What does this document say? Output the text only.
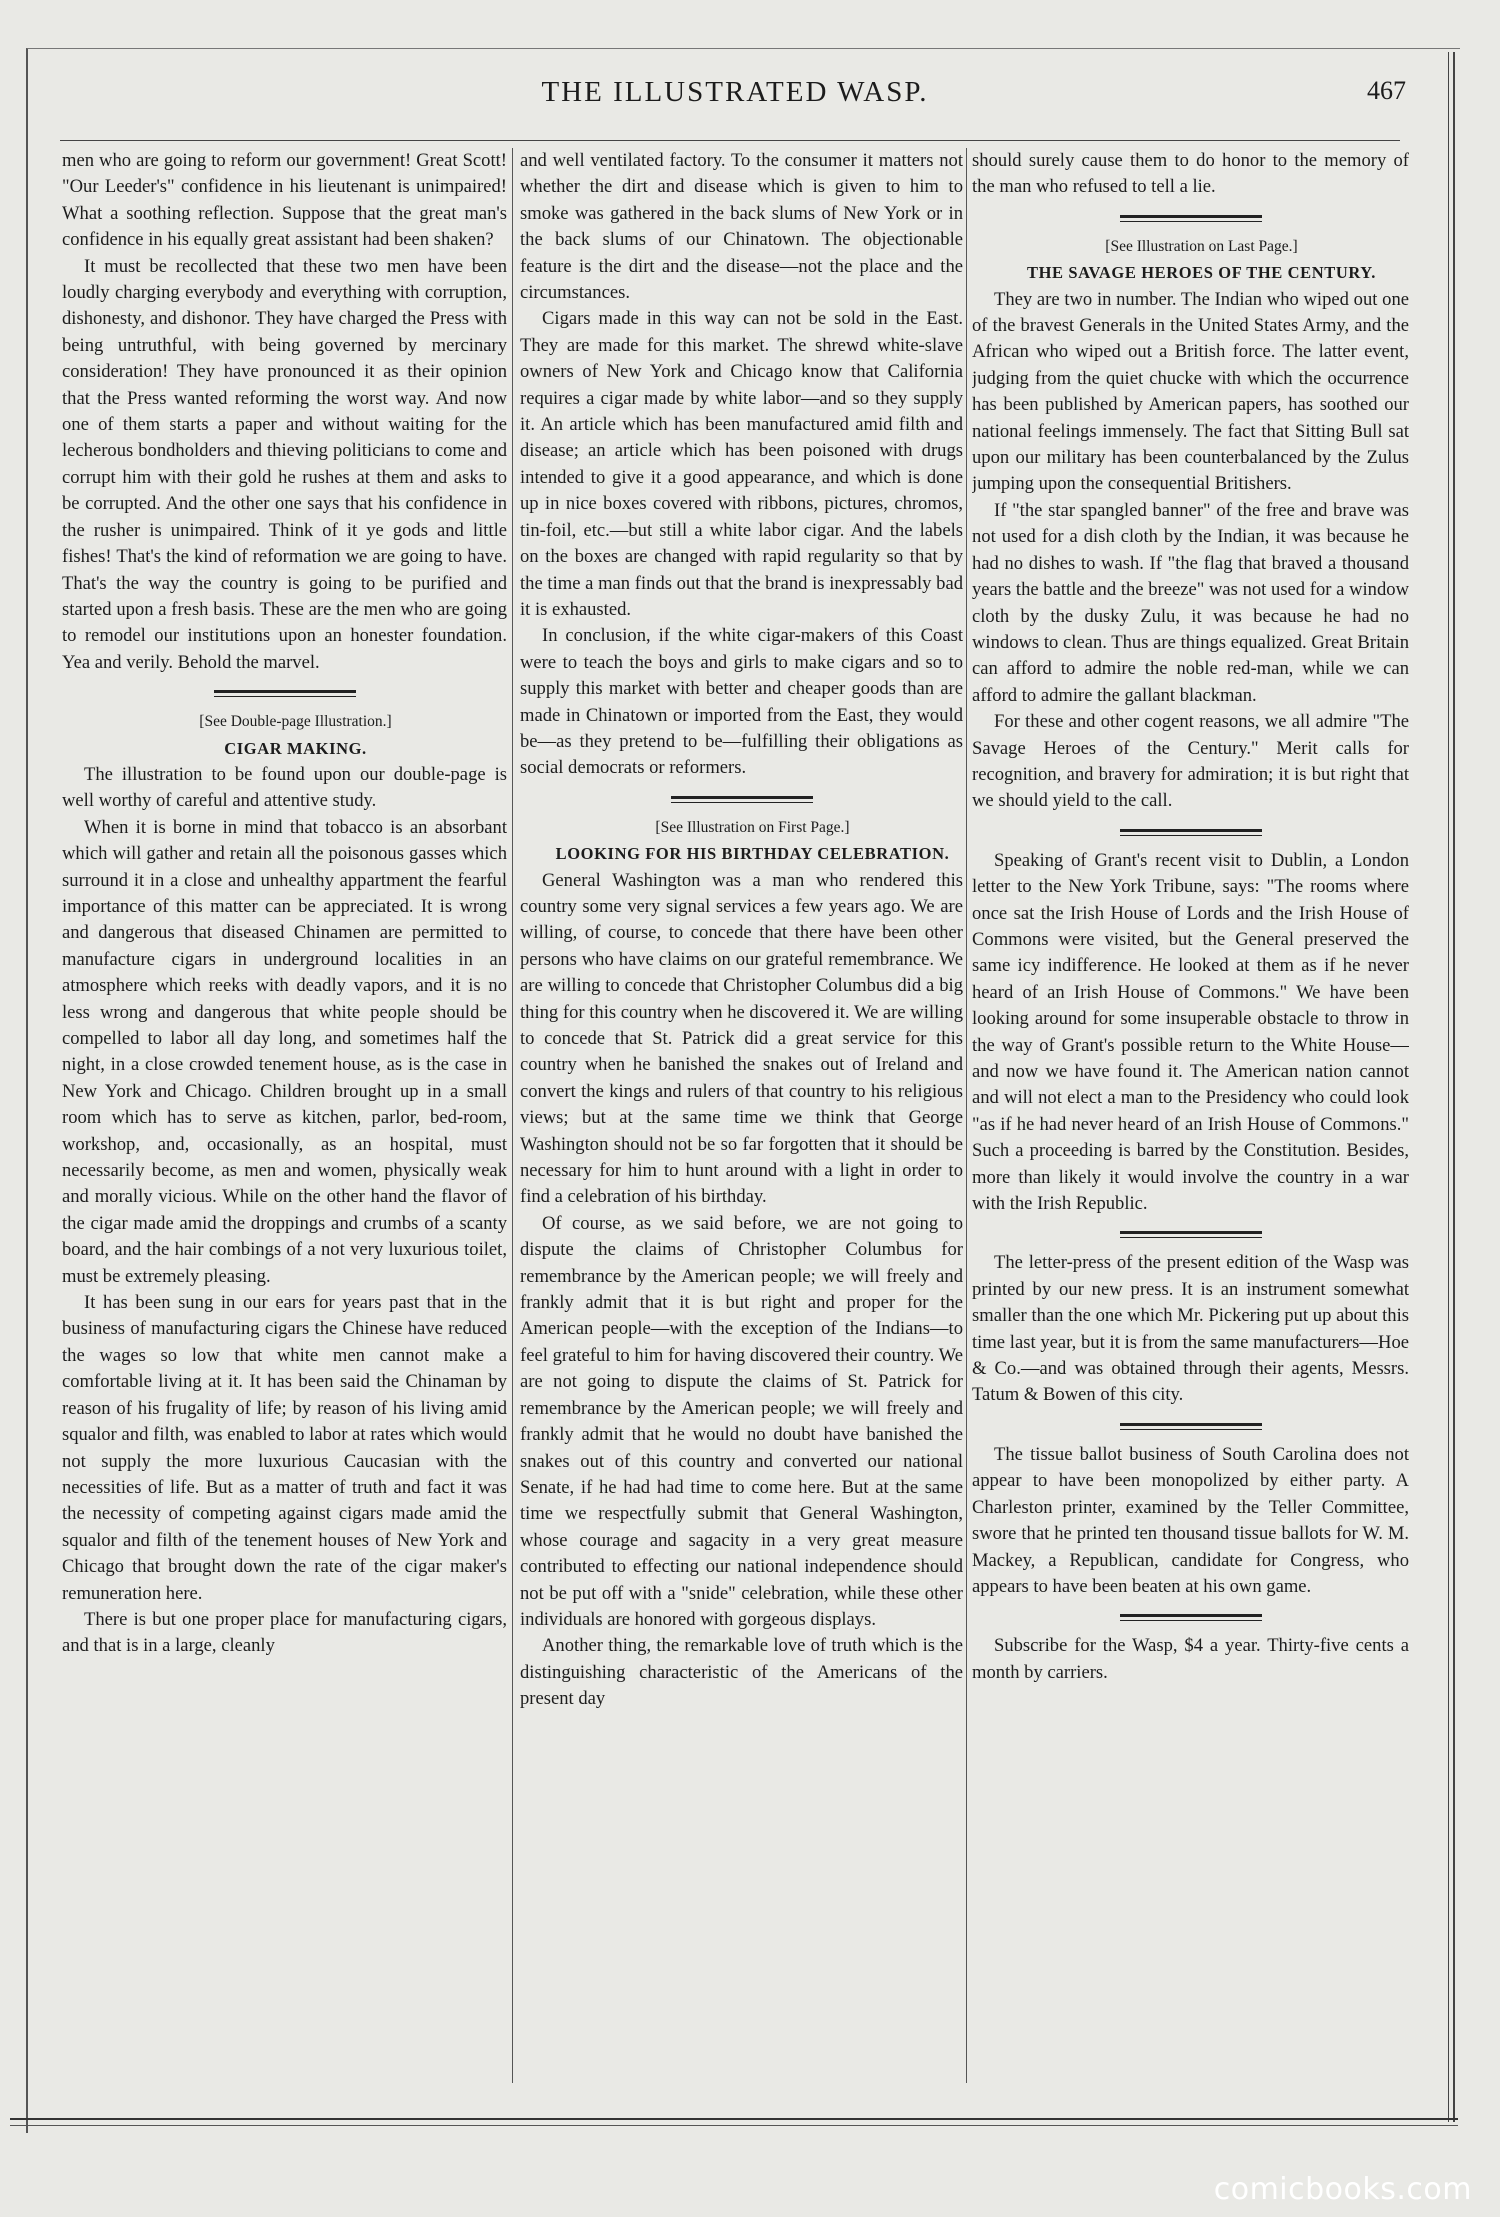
THE ILLUSTRATED WASP.	467

men who are going to reform our government! Great Scott! "Our Leeder's" confidence in his lieutenant is unimpaired! What a soothing reflection. Suppose that the great man's confidence in his equally great assistant had been shaken?

It must be recollected that these two men have been loudly charging everybody and everything with corruption, dishonesty, and dishonor. They have charged the Press with being untruthful, with being governed by mercinary consideration! They have pronounced it as their opinion that the Press wanted reforming the worst way. And now one of them starts a paper and without waiting for the lecherous bondholders and thieving politicians to come and corrupt him with their gold he rushes at them and asks to be corrupted. And the other one says that his confidence in the rusher is unimpaired. Think of it ye gods and little fishes! That's the kind of reformation we are going to have. That's the way the country is going to be purified and started upon a fresh basis. These are the men who are going to remodel our institutions upon an honester foundation. Yea and verily. Behold the marvel.

[See Double-page Illustration.]

CIGAR MAKING.

The illustration to be found upon our double-page is well worthy of careful and attentive study.

When it is borne in mind that tobacco is an absorbant which will gather and retain all the poisonous gasses which surround it in a close and unhealthy appartment the fearful importance of this matter can be appreciated. It is wrong and dangerous that diseased Chinamen are permitted to manufacture cigars in underground localities in an atmosphere which reeks with deadly vapors, and it is no less wrong and dangerous that white people should be compelled to labor all day long, and sometimes half the night, in a close crowded tenement house, as is the case in New York and Chicago. Children brought up in a small room which has to serve as kitchen, parlor, bed-room, workshop, and, occasionally, as an hospital, must necessarily become, as men and women, physically weak and morally vicious. While on the other hand the flavor of the cigar made amid the droppings and crumbs of a scanty board, and the hair combings of a not very luxurious toilet, must be extremely pleasing.

It has been sung in our ears for years past that in the business of manufacturing cigars the Chinese have reduced the wages so low that white men cannot make a comfortable living at it. It has been said the Chinaman by reason of his frugality of life; by reason of his living amid squalor and filth, was enabled to labor at rates which would not supply the more luxurious Caucasian with the necessities of life. But as a matter of truth and fact it was the necessity of competing against cigars made amid the squalor and filth of the tenement houses of New York and Chicago that brought down the rate of the cigar maker's remuneration here.

There is but one proper place for manufacturing cigars, and that is in a large, cleanly

and well ventilated factory. To the consumer it matters not whether the dirt and disease which is given to him to smoke was gathered in the back slums of New York or in the back slums of our Chinatown. The objectionable feature is the dirt and the disease—not the place and the circumstances.

Cigars made in this way can not be sold in the East. They are made for this market. The shrewd white-slave owners of New York and Chicago know that California requires a cigar made by white labor—and so they supply it. An article which has been manufactured amid filth and disease; an article which has been poisoned with drugs intended to give it a good appearance, and which is done up in nice boxes covered with ribbons, pictures, chromos, tin-foil, etc.—but still a white labor cigar. And the labels on the boxes are changed with rapid regularity so that by the time a man finds out that the brand is inexpressably bad it is exhausted.

In conclusion, if the white cigar-makers of this Coast were to teach the boys and girls to make cigars and so to supply this market with better and cheaper goods than are made in Chinatown or imported from the East, they would be—as they pretend to be—fulfilling their obligations as social democrats or reformers.

[See Illustration on First Page.]

LOOKING FOR HIS BIRTHDAY CELEBRATION.

General Washington was a man who rendered this country some very signal services a few years ago. We are willing, of course, to concede that there have been other persons who have claims on our grateful remembrance. We are willing to concede that Christopher Columbus did a big thing for this country when he discovered it. We are willing to concede that St. Patrick did a great service for this country when he banished the snakes out of Ireland and convert the kings and rulers of that country to his religious views; but at the same time we think that George Washington should not be so far forgotten that it should be necessary for him to hunt around with a light in order to find a celebration of his birthday.

Of course, as we said before, we are not going to dispute the claims of Christopher Columbus for remembrance by the American people; we will freely and frankly admit that it is but right and proper for the American people—with the exception of the Indians—to feel grateful to him for having discovered their country. We are not going to dispute the claims of St. Patrick for remembrance by the American people; we will freely and frankly admit that he would no doubt have banished the snakes out of this country and converted our national Senate, if he had had time to come here. But at the same time we respectfully submit that General Washington, whose courage and sagacity in a very great measure contributed to effecting our national independence should not be put off with a "snide" celebration, while these other individuals are honored with gorgeous displays.

Another thing, the remarkable love of truth which is the distinguishing characteristic of the Americans of the present day

should surely cause them to do honor to the memory of the man who refused to tell a lie.

[See Illustration on Last Page.]

THE SAVAGE HEROES OF THE CENTURY.

They are two in number. The Indian who wiped out one of the bravest Generals in the United States Army, and the African who wiped out a British force. The latter event, judging from the quiet chucke with which the occurrence has been published by American papers, has soothed our national feelings immensely. The fact that Sitting Bull sat upon our military has been counterbalanced by the Zulus jumping upon the consequential Britishers.

If "the star spangled banner" of the free and brave was not used for a dish cloth by the Indian, it was because he had no dishes to wash. If "the flag that braved a thousand years the battle and the breeze" was not used for a window cloth by the dusky Zulu, it was because he had no windows to clean. Thus are things equalized. Great Britain can afford to admire the noble red-man, while we can afford to admire the gallant blackman.

For these and other cogent reasons, we all admire "The Savage Heroes of the Century." Merit calls for recognition, and bravery for admiration; it is but right that we should yield to the call.

Speaking of Grant's recent visit to Dublin, a London letter to the New York Tribune, says: "The rooms where once sat the Irish House of Lords and the Irish House of Commons were visited, but the General preserved the same icy indifference. He looked at them as if he never heard of an Irish House of Commons." We have been looking around for some insuperable obstacle to throw in the way of Grant's possible return to the White House—and now we have found it. The American nation cannot and will not elect a man to the Presidency who could look "as if he had never heard of an Irish House of Commons." Such a proceeding is barred by the Constitution. Besides, more than likely it would involve the country in a war with the Irish Republic.

The letter-press of the present edition of the Wasp was printed by our new press. It is an instrument somewhat smaller than the one which Mr. Pickering put up about this time last year, but it is from the same manufacturers—Hoe & Co.—and was obtained through their agents, Messrs. Tatum & Bowen of this city.

The tissue ballot business of South Carolina does not appear to have been monopolized by either party. A Charleston printer, examined by the Teller Committee, swore that he printed ten thousand tissue ballots for W. M. Mackey, a Republican, candidate for Congress, who appears to have been beaten at his own game.

Subscribe for the Wasp, $4 a year. Thirty-five cents a month by carriers.

comicbooks.com
